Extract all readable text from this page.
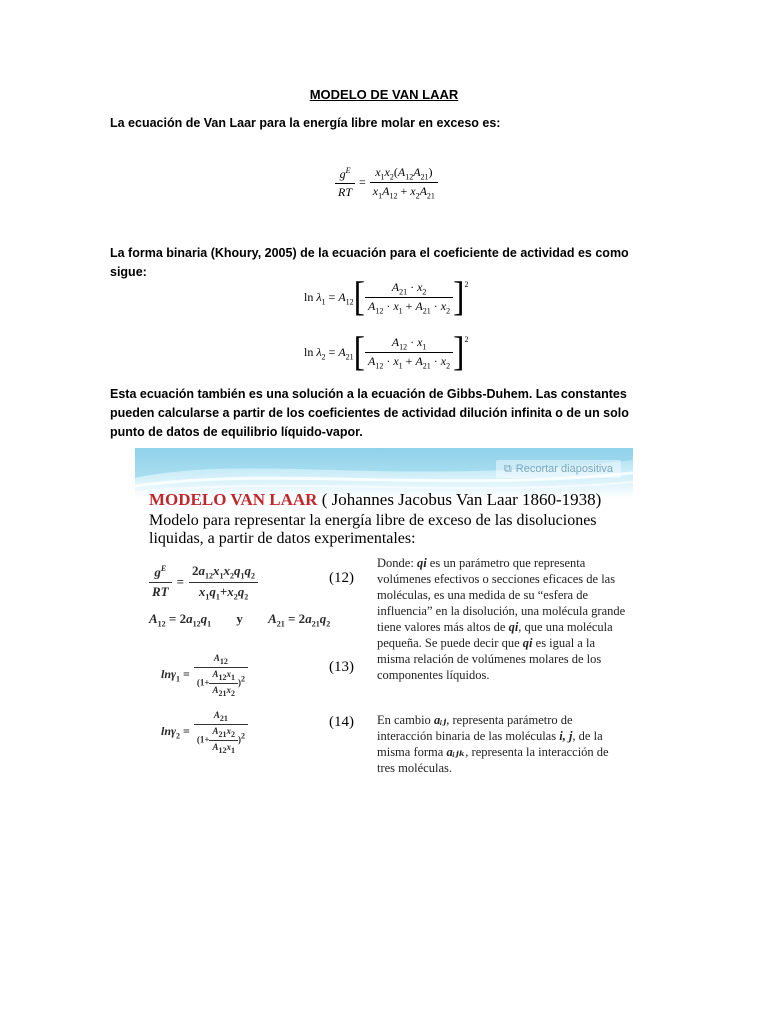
MODELO DE VAN LAAR
La ecuación de Van Laar para la energía libre molar en exceso es:
$\frac{g^E}{RT} = \frac{x_1x_2(A_{12}A_{21})}{x_1A_{12} + x_2A_{21}}$
La forma binaria (Khoury, 2005) de la ecuación para el coeficiente de actividad es como sigue:
$\ln \lambda_1 = A_{12}$ [ $\frac{A_{21} \cdot x_2}{A_{12} \cdot x_1 + A_{21} \cdot x_2} ]^2$
$\ln \lambda_2 = A_{21}$ [ $\frac{A_{12} \cdot x_1}{A_{12} \cdot x_1 + A_{21} \cdot x_2} ]^2$
Esta ecuación también es una solución a la ecuación de Gibbs-Duhem. Las constantes pueden calcularse a partir de los coeficientes de actividad dilución infinita o de un solo punto de datos de equilibrio líquido-vapor.
⧉ Recortar diapositiva
MODELO VAN LAAR ( Johannes Jacobus Van Laar 1860-1938)
Modelo para representar la energía libre de exceso de las disoluciones liquidas, a partir de datos experimentales:
$\frac{g^E}{RT} = \frac{2a_{12}x_1x_2q_1q_2}{x_1q_1+x_2q_2}$	(12)
$A_{12} = 2a_{12}q_1$ y $A_{21} = 2a_{21}q_2$
$\ln\gamma_1 = \frac{A_{12}}{(1+ \frac{A_{12}x_1}{A_{21}x_2} )^2}$	(13)
$\ln\gamma_2 = \frac{A_{21}}{(1+ \frac{A_{21}x_2}{A_{12}x_1} )^2}$	(14)
Donde: qi es un parámetro que representa volúmenes efectivos o secciones eficaces de las moléculas, es una medida de su “esfera de influencia” en la disolución, una molécula grande tiene valores más altos de qi, que una molécula pequeña. Se puede decir que qi es igual a la misma relación de volúmenes molares de los componentes líquidos.
En cambio aᵢⱼ, representa parámetro de interacción binaria de las moléculas i, j, de la misma forma aᵢⱼₖ, representa la interacción de tres moléculas.
